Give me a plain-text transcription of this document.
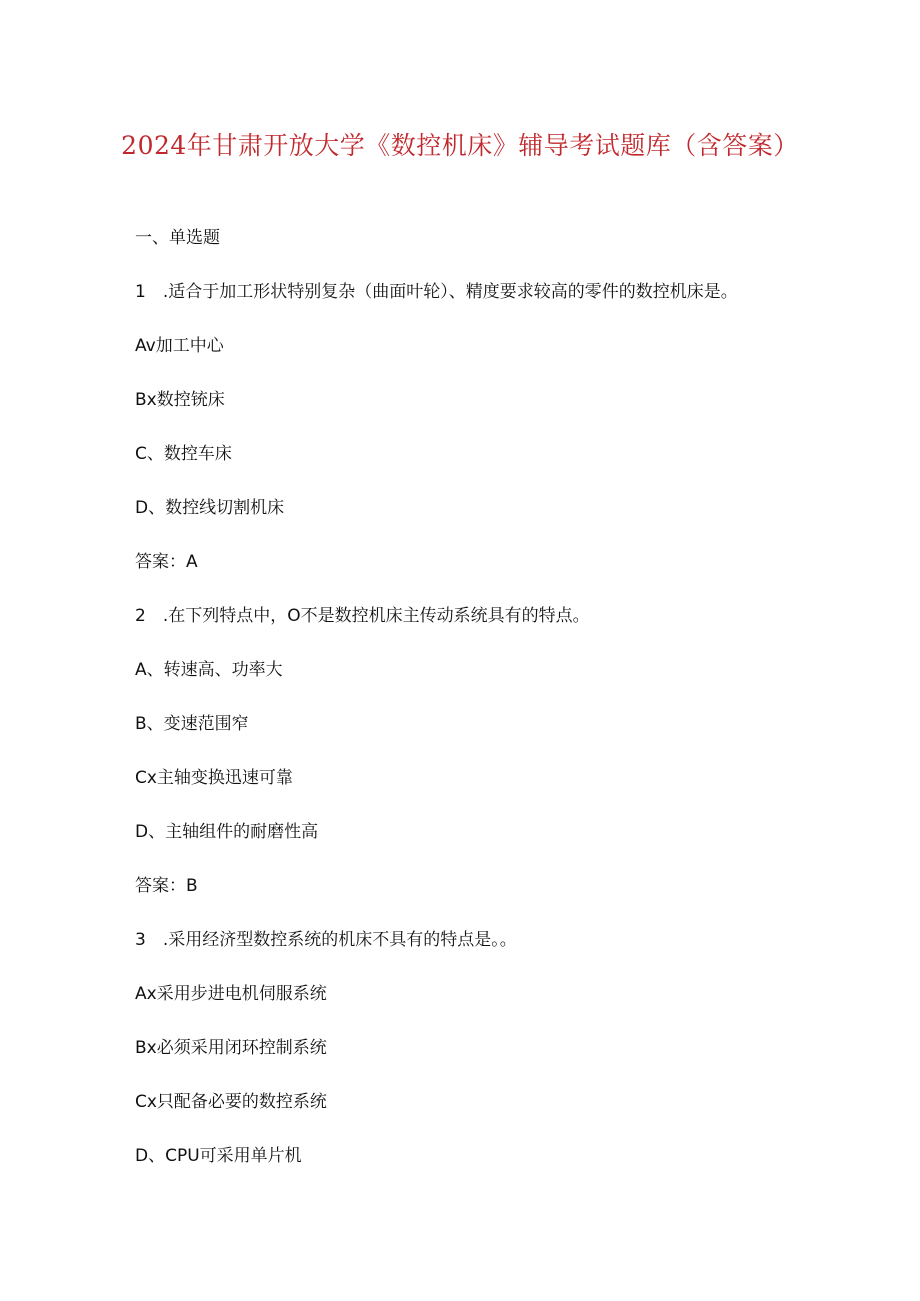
2024年甘肃开放大学《数控机床》辅导考试题库（含答案）
一、单选题
1　.适合于加工形状特别复杂（曲面叶轮）、精度要求较高的零件的数控机床是。
Av加工中心
Bx数控铳床
C、数控车床
D、数控线切割机床
答案：A
2　.在下列特点中，O不是数控机床主传动系统具有的特点。
A、转速高、功率大
B、变速范围窄
Cx主轴变换迅速可靠
D、主轴组件的耐磨性高
答案：B
3　.采用经济型数控系统的机床不具有的特点是。。
Ax采用步进电机伺服系统
Bx必须采用闭环控制系统
Cx只配备必要的数控系统
D、CPU可采用单片机
